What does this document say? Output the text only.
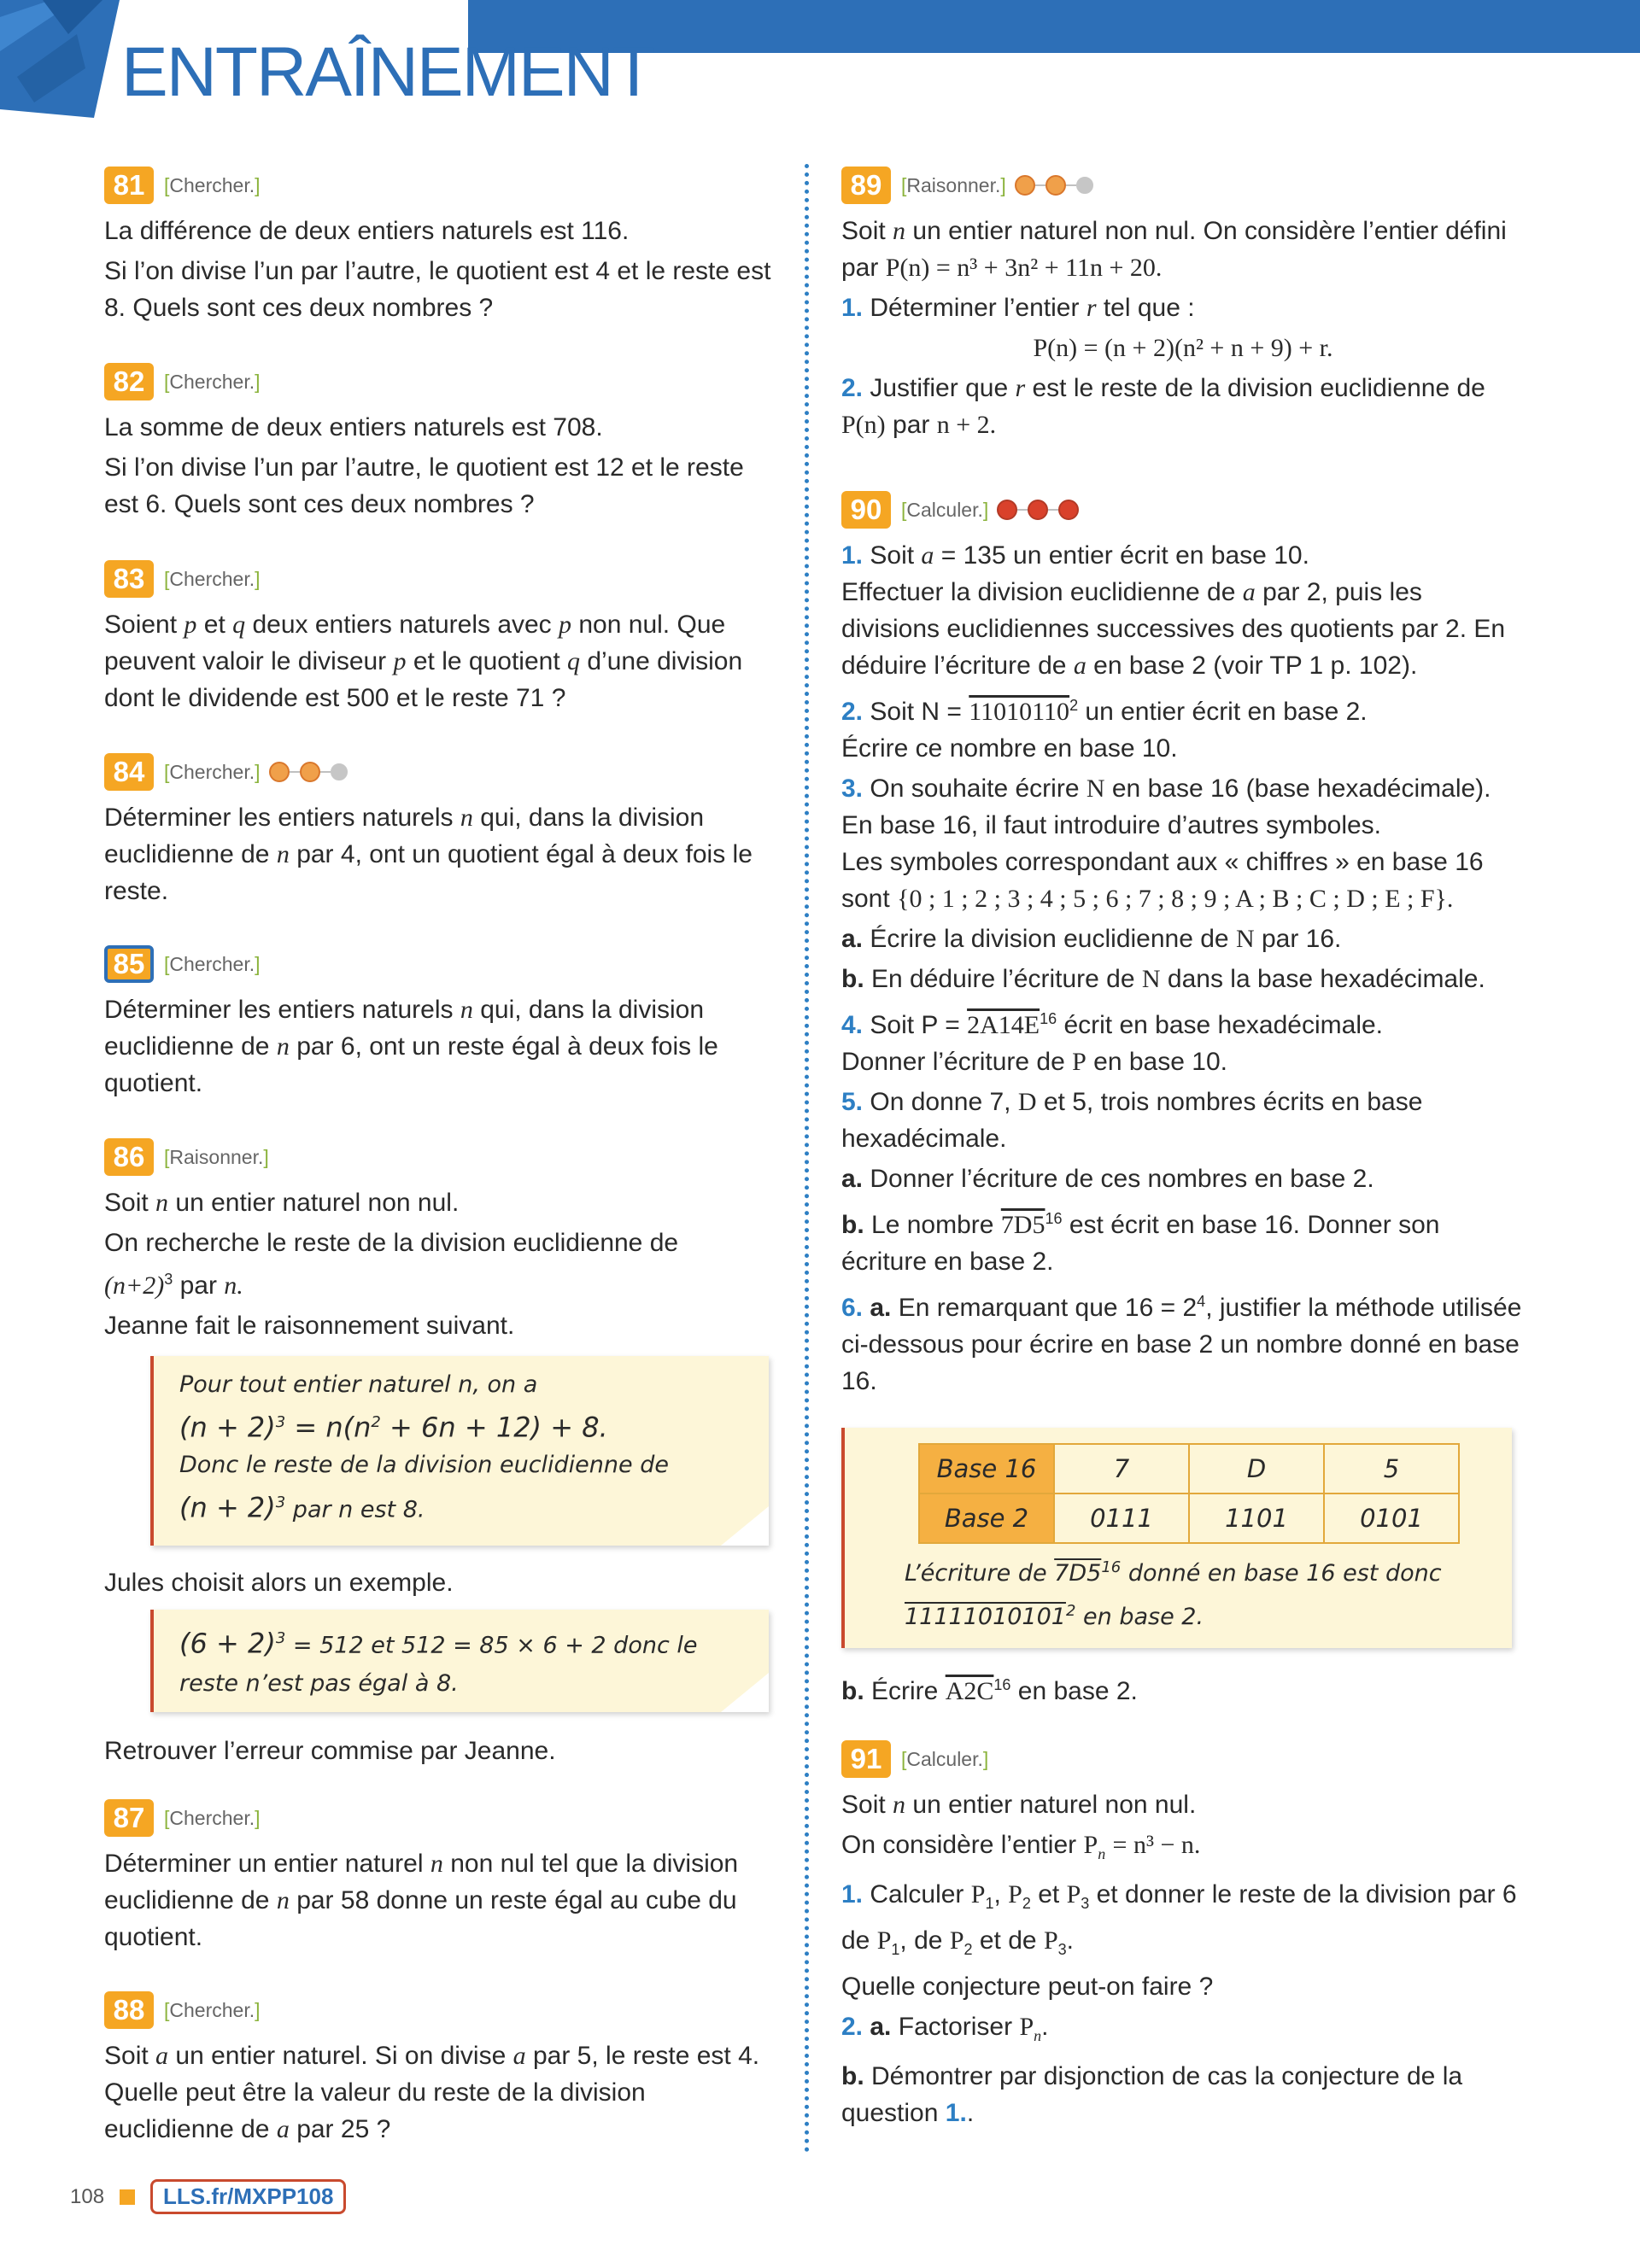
ENTRAÎNEMENT
81 [Chercher.]

La différence de deux entiers naturels est 116.

Si l’on divise l’un par l’autre, le quotient est 4 et le reste est 8. Quels sont ces deux nombres ?

82 [Chercher.]

La somme de deux entiers naturels est 708.

Si l’on divise l’un par l’autre, le quotient est 12 et le reste est 6. Quels sont ces deux nombres ?

83 [Chercher.]

Soient p et q deux entiers naturels avec p non nul. Que peuvent valoir le diviseur p et le quotient q d’une division dont le dividende est 500 et le reste 71 ?

84 [Chercher.]

Déterminer les entiers naturels n qui, dans la division euclidienne de n par 4, ont un quotient égal à deux fois le reste.

85 [Chercher.]

Déterminer les entiers naturels n qui, dans la division euclidienne de n par 6, ont un reste égal à deux fois le quotient.

86 [Raisonner.]

Soit n un entier naturel non nul.

On recherche le reste de la division euclidienne de
$(n+2)^3$ par n.

Jeanne fait le raisonnement suivant.

Pour tout entier naturel n, on a

$(n + 2)^3 = n(n^2 + 6n + 12) + 8$.

Donc le reste de la division euclidienne de

$(n + 2)^3$ par n est 8.

Jules choisit alors un exemple.

$(6 + 2)^3 = 512$ et 512 = 85 × 6 + 2 donc le

reste n’est pas égal à 8.

Retrouver l’erreur commise par Jeanne.

87 [Chercher.]

Déterminer un entier naturel n non nul tel que la division euclidienne de n par 58 donne un reste égal au cube du quotient.

88 [Chercher.]

Soit a un entier naturel. Si on divise a par 5, le reste est 4. Quelle peut être la valeur du reste de la division euclidienne de a par 25 ?

89 [Raisonner.]

Soit n un entier naturel non nul. On considère l’entier défini par P(n) = n³ + 3n² + 11n + 20.

1. Déterminer l’entier r tel que :

P(n) = (n + 2)(n² + n + 9) + r.

2. Justifier que r est le reste de la division euclidienne de P(n) par n + 2.

90 [Calculer.]

1. Soit a = 135 un entier écrit en base 10.
Effectuer la division euclidienne de a par 2, puis les divisions euclidiennes successives des quotients par 2. En déduire l’écriture de a en base 2 (voir TP 1 p. 102).

2. Soit $N = 11010110^2$ un entier écrit en base 2.
Écrire ce nombre en base 10.

3. On souhaite écrire N en base 16 (base hexadécimale).
En base 16, il faut introduire d’autres symboles.
Les symboles correspondant aux « chiffres » en base 16 sont {0 ; 1 ; 2 ; 3 ; 4 ; 5 ; 6 ; 7 ; 8 ; 9 ; A ; B ; C ; D ; E ; F}.

a. Écrire la division euclidienne de N par 16.

b. En déduire l’écriture de N dans la base hexadécimale.

4. Soit $P = 2A14E^{16}$ écrit en base hexadécimale.
Donner l’écriture de P en base 10.

5. On donne 7, D et 5, trois nombres écrits en base hexadécimale.

a. Donner l’écriture de ces nombres en base 2.

b. Le nombre $7D5^{16}$ est écrit en base 16. Donner son écriture en base 2.

6. a. En remarquant que $16 = 2^4$, justifier la méthode utilisée ci-dessous pour écrire en base 2 un nombre donné en base 16.

Base 16	7	D	5
Base 2	0111	1101	0101

L’écriture de $7D5^{16}$ donné en base 16 est donc
11111010101$^2$ en base 2.

b. Écrire $A2C^{16}$ en base 2.

91 [Calculer.]

Soit n un entier naturel non nul.

On considère l’entier $P_n = n^3 - n$.

1. Calculer $P_1$, $P_2$ et $P_3$ et donner le reste de la division par 6 de $P_1$, de $P_2$ et de $P_3$.
Quelle conjecture peut-on faire ?

2. a. Factoriser $P_n$.

b. Démontrer par disjonction de cas la conjecture de la question 1..

108	LLS.fr/MXPP108
